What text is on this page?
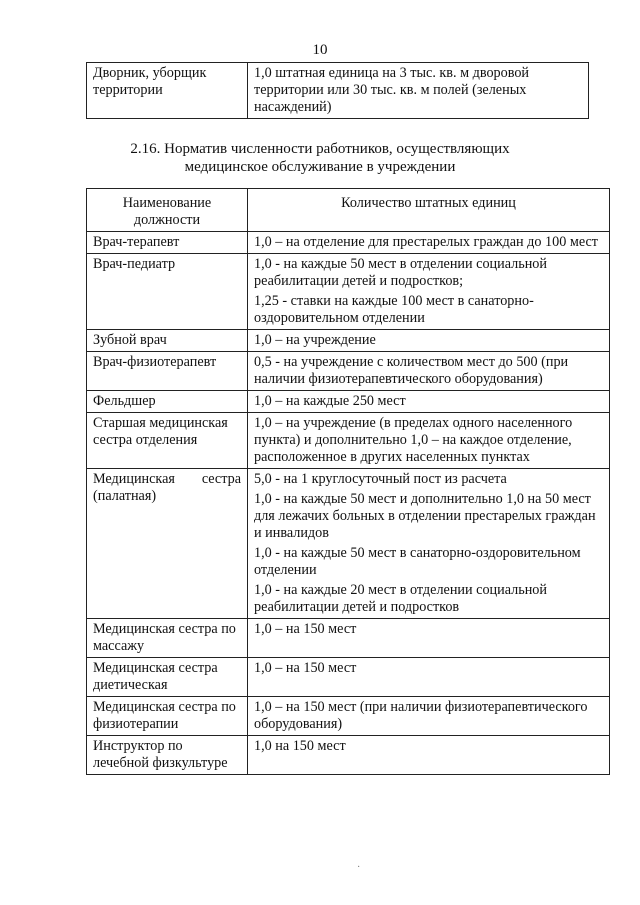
10
Дворник, уборщик территории	1,0 штатная единица на 3 тыс. кв. м дворовой территории или 30 тыс. кв. м полей (зеленых насаждений)
2.16. Норматив численности работников, осуществляющих
медицинское обслуживание в учреждении
Наименование должности	Количество штатных единиц
Врач-терапевт	1,0 – на отделение для престарелых граждан до 100 мест

Врач-педиатр	1,0 - на каждые 50 мест в отделении социальной реабилитации детей и подростков;
1,25 - ставки на каждые 100 мест в санаторно-оздоровительном отделении

Зубной врач	1,0 – на учреждение

Врач-физиотерапевт	0,5 - на учреждение с количеством мест до 500 (при наличии физиотерапевтического оборудования)

Фельдшер	1,0 – на каждые 250 мест

Старшая медицинская сестра отделения	1,0 – на учреждение (в пределах одного населенного пункта) и дополнительно 1,0 – на каждое отделение, расположенное в других населенных пунктах

Медицинская сестра (палатная)	5,0 - на 1 круглосуточный пост из расчета
1,0 - на каждые 50 мест и дополнительно 1,0 на 50 мест для лежачих больных в отделении престарелых граждан и инвалидов
1,0 - на каждые 50 мест в санаторно-оздоровительном отделении
1,0 - на каждые 20 мест в отделении социальной реабилитации детей и подростков

Медицинская сестра по массажу	1,0 – на 150 мест

Медицинская сестра диетическая	1,0 – на 150 мест

Медицинская сестра по физиотерапии	1,0 – на 150 мест (при наличии физиотерапевтического оборудования)

Инструктор по лечебной физкультуре	1,0 на 150 мест
·
